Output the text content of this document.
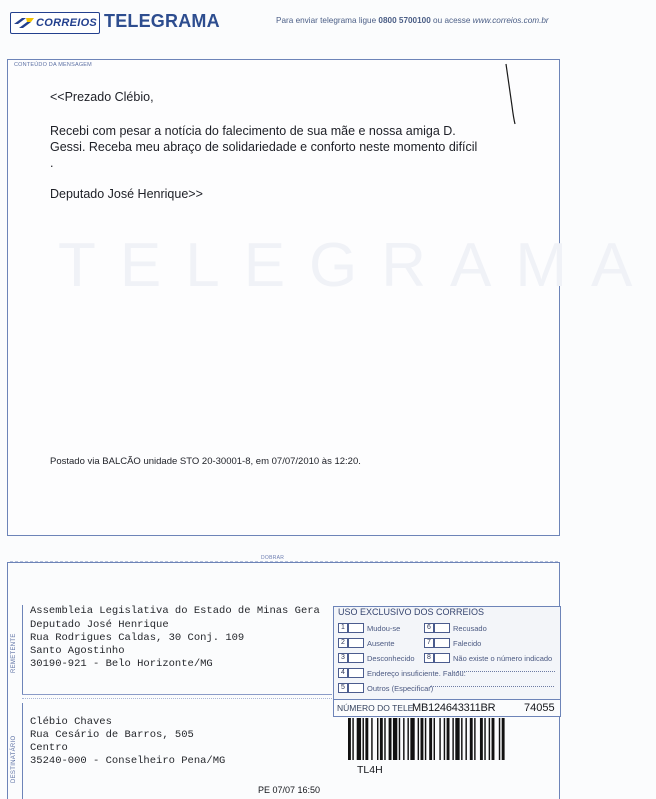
CORREIOS TELEGRAMA	Para enviar telegrama ligue 0800 5700100 ou acesse www.correios.com.br
CONTEÚDO DA MENSAGEM
TELEGRAMA
<<Prezado Clébio,
Recebi com pesar a notícia do falecimento de sua mãe e nossa amiga D.
Gessi. Receba meu abraço de solidariedade e conforto neste momento difícil
.
Deputado José Henrique>>
Postado via BALCÃO unidade STO 20-30001-8, em 07/07/2010 às 12:20.
DOBRAR
REMETENTE
DESTINATÁRIO
Assembleia Legislativa do Estado de Minas Gera
Deputado José Henrique
Rua Rodrigues Caldas, 30 Conj. 109
Santo Agostinho
30190-921 - Belo Horizonte/MG
Clébio Chaves
Rua Cesário de Barros, 505
Centro
35240-000 - Conselheiro Pena/MG
USO EXCLUSIVO DOS CORREIOS
1	Mudou-se	6	Recusado
2	Ausente	7	Falecido
3	Desconhecido	8	Não existe o número indicado
4	Endereço insuficiente. Faltou:
5	Outros (Especificar)
NÚMERO DO TELE
MB124643311BR	74055
TL4H
PE 07/07 16:50
